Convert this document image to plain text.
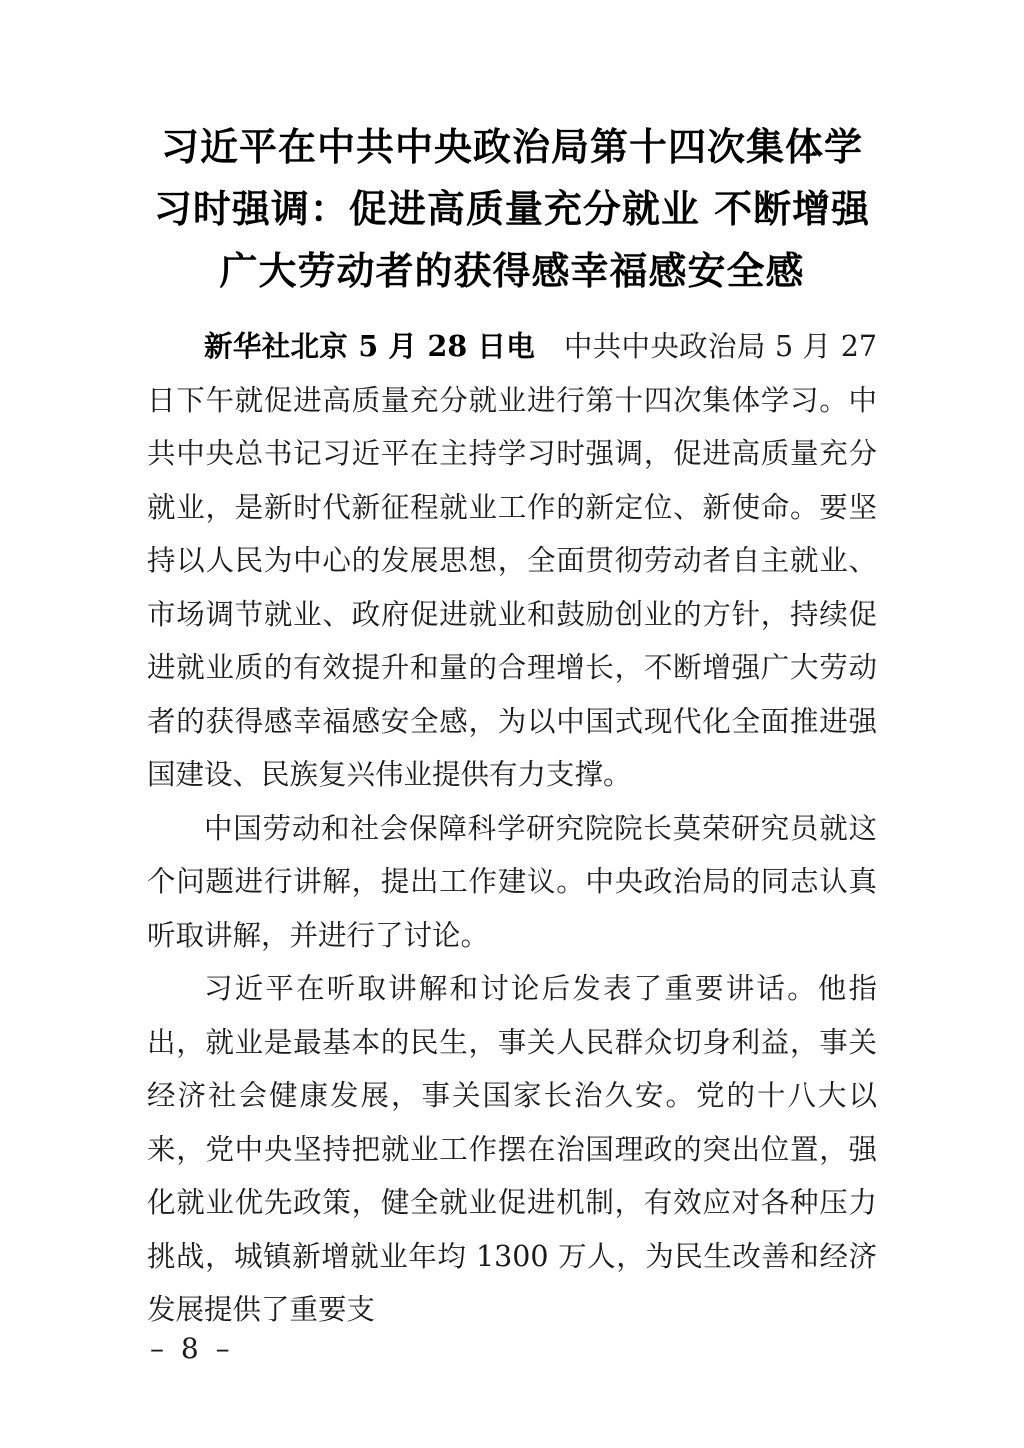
习近平在中共中央政治局第十四次集体学
习时强调：促进高质量充分就业 不断增强
广大劳动者的获得感幸福感安全感

新华社北京 5 月 28 日电　中共中央政治局 5 月 27 日下午就促进高质量充分就业进行第十四次集体学习。中共中央总书记习近平在主持学习时强调，促进高质量充分就业，是新时代新征程就业工作的新定位、新使命。要坚持以人民为中心的发展思想，全面贯彻劳动者自主就业、市场调节就业、政府促进就业和鼓励创业的方针，持续促进就业质的有效提升和量的合理增长，不断增强广大劳动者的获得感幸福感安全感，为以中国式现代化全面推进强国建设、民族复兴伟业提供有力支撑。

中国劳动和社会保障科学研究院院长莫荣研究员就这个问题进行讲解，提出工作建议。中央政治局的同志认真听取讲解，并进行了讨论。

习近平在听取讲解和讨论后发表了重要讲话。他指出，就业是最基本的民生，事关人民群众切身利益，事关经济社会健康发展，事关国家长治久安。党的十八大以来，党中央坚持把就业工作摆在治国理政的突出位置，强化就业优先政策，健全就业促进机制，有效应对各种压力挑战，城镇新增就业年均 1300 万人，为民生改善和经济发展提供了重要支

– 8 –
